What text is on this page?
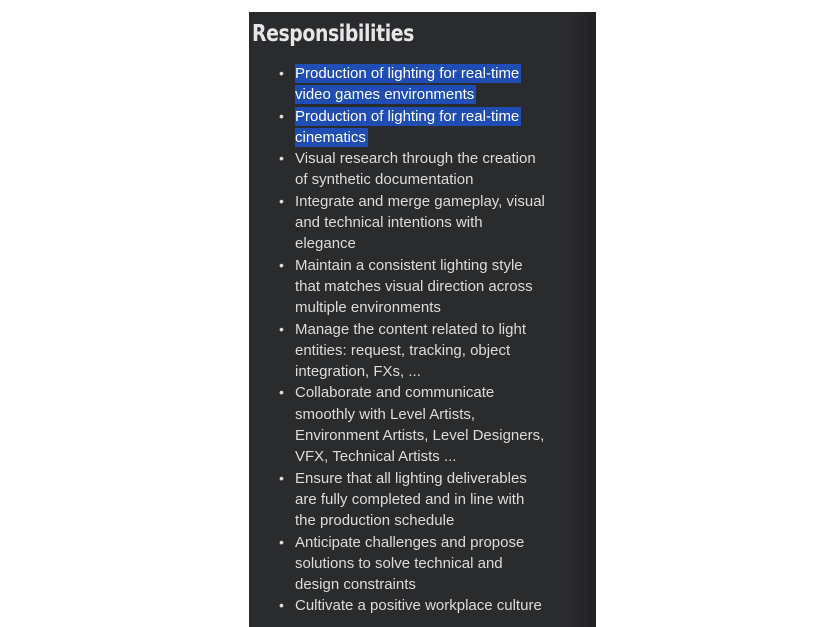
Responsibilities
• Production of lighting for real-time
video games environments
• Production of lighting for real-time
cinematics
• Visual research through the creation
of synthetic documentation
• Integrate and merge gameplay, visual
and technical intentions with
elegance
• Maintain a consistent lighting style
that matches visual direction across
multiple environments
• Manage the content related to light
entities: request, tracking, object
integration, FXs, ...
• Collaborate and communicate
smoothly with Level Artists,
Environment Artists, Level Designers,
VFX, Technical Artists ...
• Ensure that all lighting deliverables
are fully completed and in line with
the production schedule
• Anticipate challenges and propose
solutions to solve technical and
design constraints
• Cultivate a positive workplace culture
